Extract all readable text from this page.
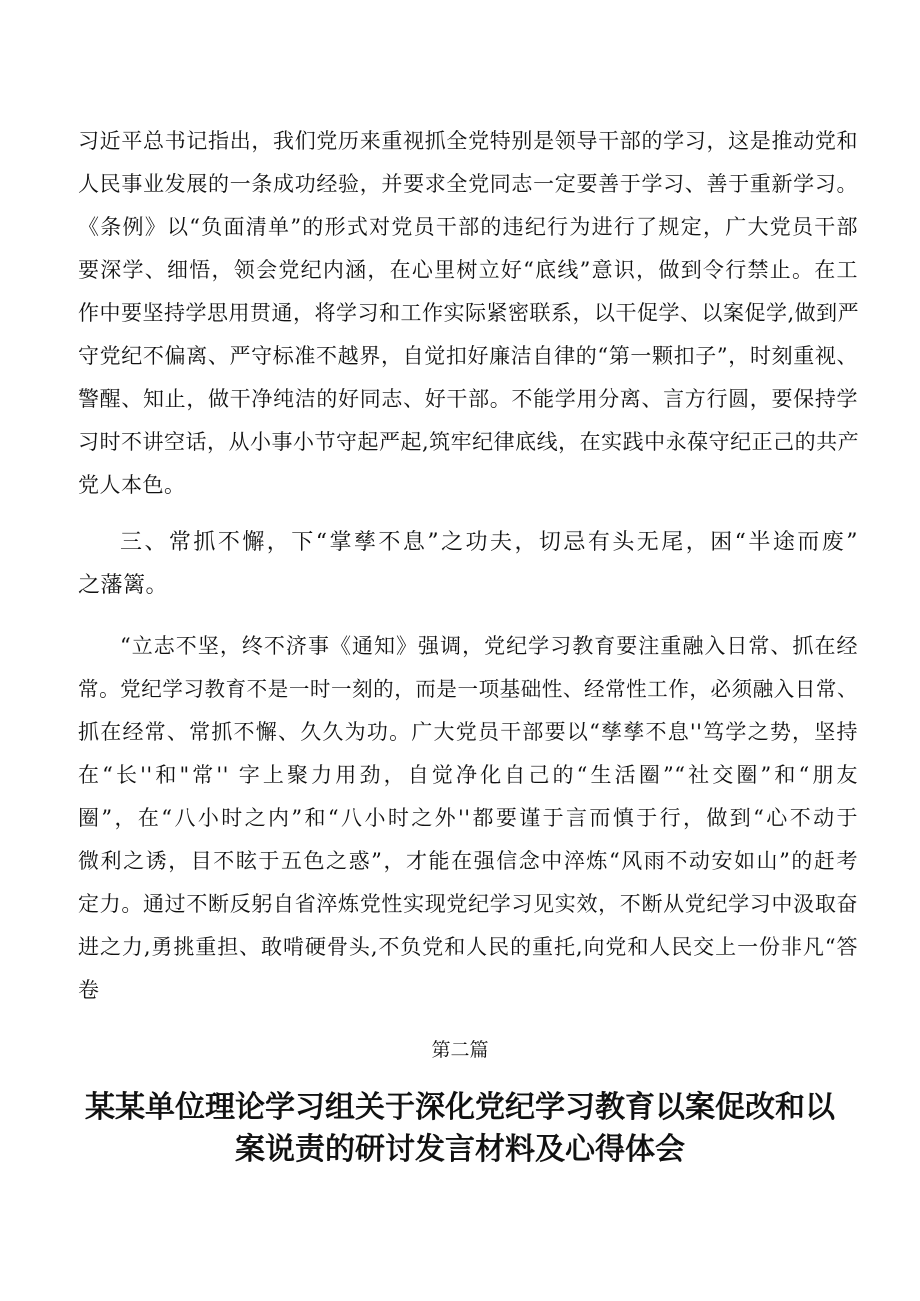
习近平总书记指出，我们党历来重视抓全党特别是领导干部的学习，这是推动党和
人民事业发展的一条成功经验，并要求全党同志一定要善于学习、善于重新学习。
《条例》以“负面清单”的形式对党员干部的违纪行为进行了规定，广大党员干部
要深学、细悟，领会党纪内涵，在心里树立好“底线”意识，做到令行禁止。在工
作中要坚持学思用贯通，将学习和工作实际紧密联系，以干促学、以案促学,做到严
守党纪不偏离、严守标准不越界，自觉扣好廉洁自律的“第一颗扣子”，时刻重视、
警醒、知止，做干净纯洁的好同志、好干部。不能学用分离、言方行圆，要保持学
习时不讲空话，从小事小节守起严起,筑牢纪律底线，在实践中永葆守纪正己的共产
党人本色。
三、常抓不懈，下“掌孳不息”之功夫，切忌有头无尾，困“半途而废”
之藩篱。
“立志不坚，终不济事《通知》强调，党纪学习教育要注重融入日常、抓在经
常。党纪学习教育不是一时一刻的，而是一项基础性、经常性工作，必须融入日常、
抓在经常、常抓不懈、久久为功。广大党员干部要以“孳孳不息''笃学之势，坚持
在“长''和"常'' 字上聚力用劲，自觉净化自己的“生活圈”“社交圈”和“朋友
圈”，在“八小时之内”和“八小时之外''都要谨于言而慎于行，做到“心不动于
微利之诱，目不眩于五色之惑”，才能在强信念中淬炼“风雨不动安如山”的赶考
定力。通过不断反躬自省淬炼党性实现党纪学习见实效，不断从党纪学习中汲取奋
进之力,勇挑重担、敢啃硬骨头,不负党和人民的重托,向党和人民交上一份非凡“答
卷
第二篇
某某单位理论学习组关于深化党纪学习教育以案促改和以
案说责的研讨发言材料及心得体会
